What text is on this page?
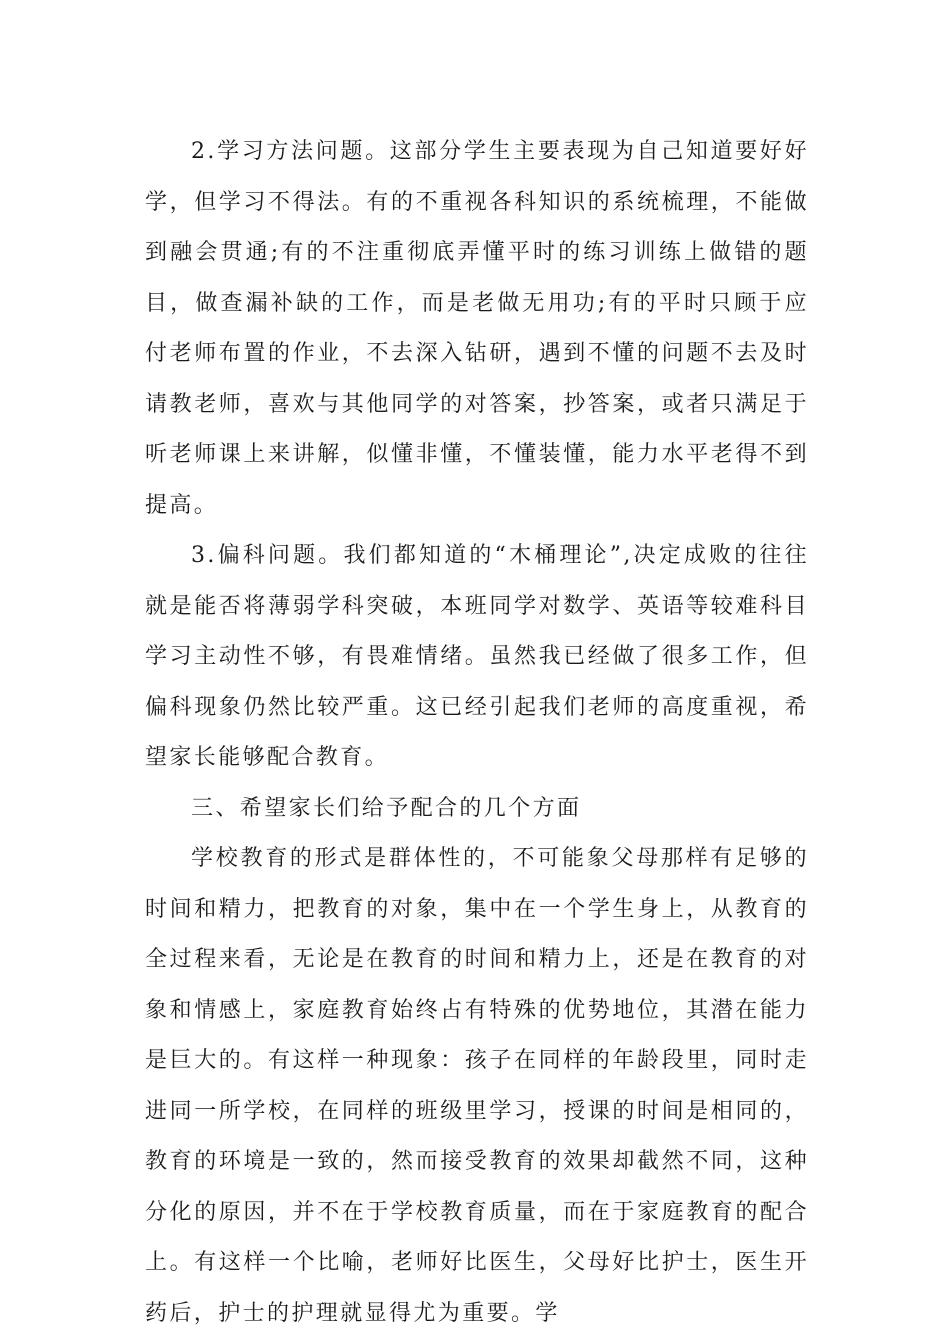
2.学习方法问题。这部分学生主要表现为自己知道要好好学，但学习不得法。有的不重视各科知识的系统梳理，不能做到融会贯通;有的不注重彻底弄懂平时的练习训练上做错的题目，做查漏补缺的工作，而是老做无用功;有的平时只顾于应付老师布置的作业，不去深入钻研，遇到不懂的问题不去及时请教老师，喜欢与其他同学的对答案，抄答案，或者只满足于听老师课上来讲解，似懂非懂，不懂装懂，能力水平老得不到提高。

3.偏科问题。我们都知道的“木桶理论”,决定成败的往往就是能否将薄弱学科突破，本班同学对数学、英语等较难科目学习主动性不够，有畏难情绪。虽然我已经做了很多工作，但偏科现象仍然比较严重。这已经引起我们老师的高度重视，希望家长能够配合教育。

三、希望家长们给予配合的几个方面

学校教育的形式是群体性的，不可能象父母那样有足够的时间和精力，把教育的对象，集中在一个学生身上，从教育的全过程来看，无论是在教育的时间和精力上，还是在教育的对象和情感上，家庭教育始终占有特殊的优势地位，其潜在能力是巨大的。有这样一种现象：孩子在同样的年龄段里，同时走进同一所学校，在同样的班级里学习，授课的时间是相同的，教育的环境是一致的，然而接受教育的效果却截然不同，这种分化的原因，并不在于学校教育质量，而在于家庭教育的配合上。有这样一个比喻，老师好比医生，父母好比护士，医生开药后，护士的护理就显得尤为重要。学
